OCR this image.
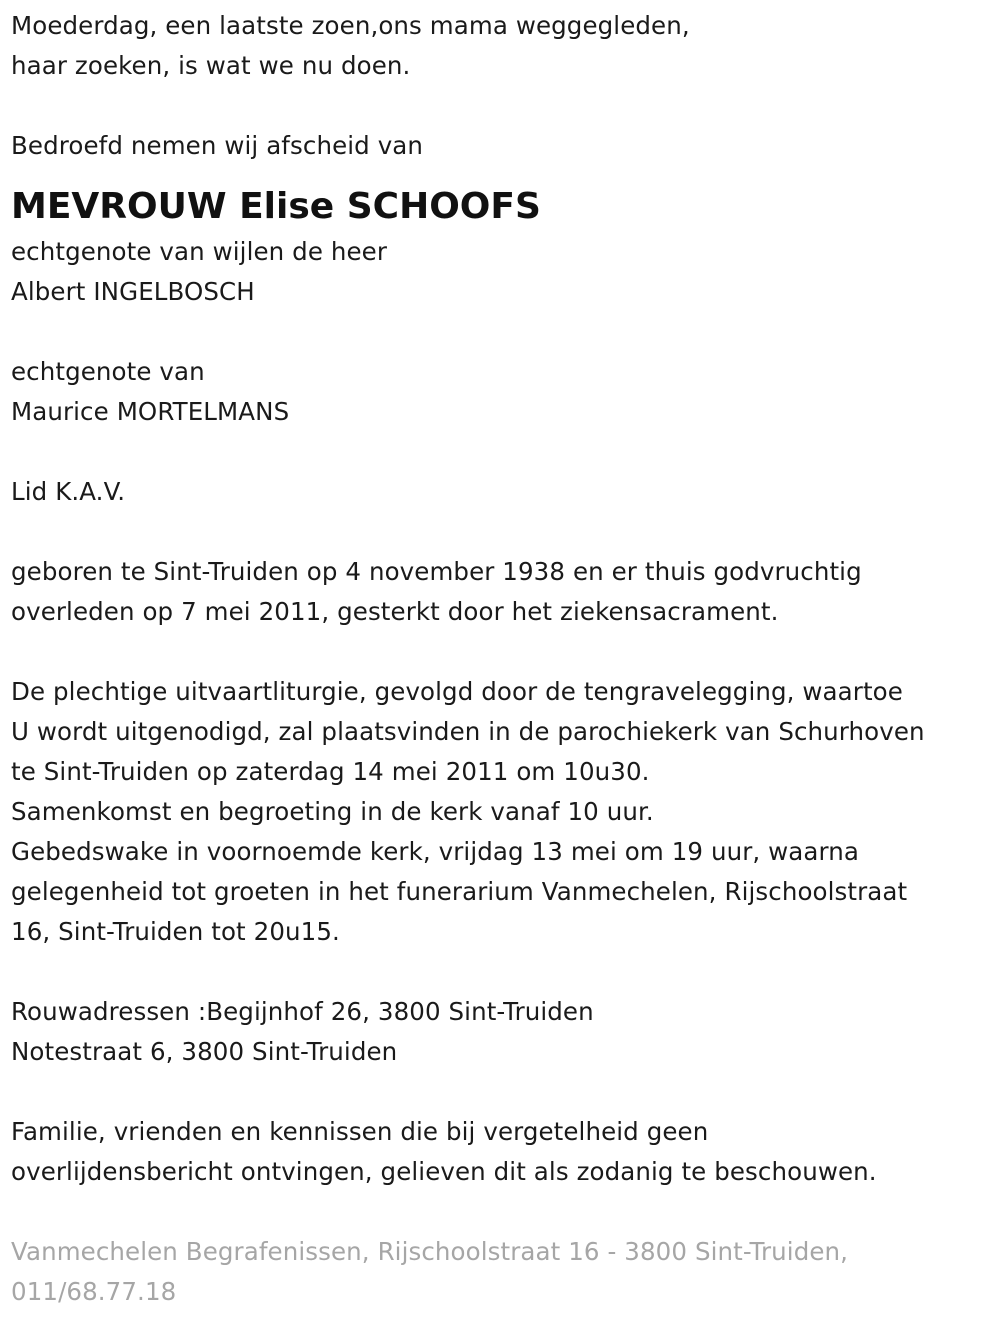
Moederdag, een laatste zoen,ons mama weggegleden,
haar zoeken, is wat we nu doen.
Bedroefd nemen wij afscheid van
MEVROUW Elise SCHOOFS
echtgenote van wijlen de heer
Albert INGELBOSCH
echtgenote van
Maurice MORTELMANS
Lid K.A.V.
geboren te Sint-Truiden op 4 november 1938 en er thuis godvruchtig
overleden op 7 mei 2011, gesterkt door het ziekensacrament.
De plechtige uitvaartliturgie, gevolgd door de tengravelegging, waartoe
U wordt uitgenodigd, zal plaatsvinden in de parochiekerk van Schurhoven
te Sint-Truiden op zaterdag 14 mei 2011 om 10u30.
Samenkomst en begroeting in de kerk vanaf 10 uur.
Gebedswake in voornoemde kerk, vrijdag 13 mei om 19 uur, waarna
gelegenheid tot groeten in het funerarium Vanmechelen, Rijschoolstraat
16, Sint-Truiden tot 20u15.
Rouwadressen :Begijnhof 26, 3800 Sint-Truiden
Notestraat 6, 3800 Sint-Truiden
Familie, vrienden en kennissen die bij vergetelheid geen
overlijdensbericht ontvingen, gelieven dit als zodanig te beschouwen.
Vanmechelen Begrafenissen, Rijschoolstraat 16 - 3800 Sint-Truiden,
011/68.77.18
